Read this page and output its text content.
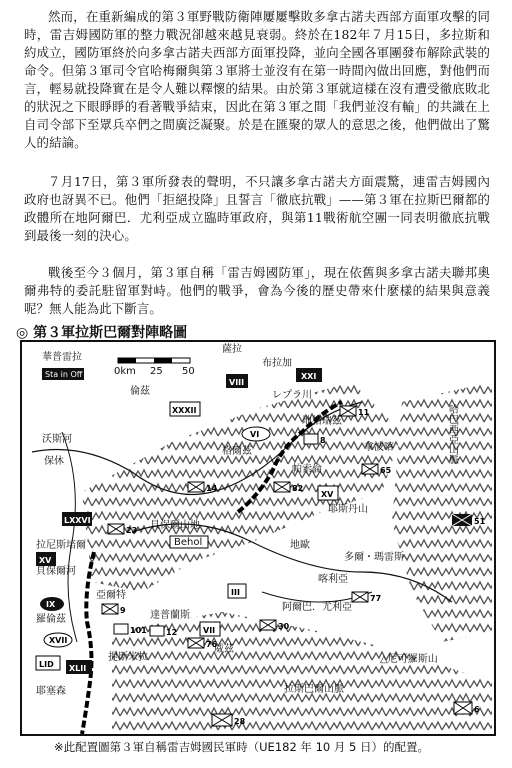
然而，在重新編成的第３軍野戰防衛陣屢屢擊敗多拿古諾夫西部方面軍攻擊的同時，雷吉姆國防軍的整力戰況卻越來越見衰弱。終於在182年７月15日，多拉斯和約成立，國防軍終於向多拿古諾夫西部方面軍投降，並向全國各軍團發布解除武裝的命令。但第３軍司令官哈梅爾與第３軍將士並沒有在第一時間內做出回應，對他們而言，輕易就投降實在是令人難以釋懷的結果。由於第３軍就這樣在沒有遭受徹底敗北的狀況之下眼睜睜的看著戰爭結束，因此在第３軍之間「我們並沒有輸」的共識在上自司令部下至眾兵卒們之間廣泛凝聚。於是在匯聚的眾人的意思之後，他們做出了驚人的結論。
７月17日，第３軍所發表的聲明，不只讓多拿古諾夫方面震驚，連雷吉姆國內政府也訝異不已。他們「拒絕投降」且誓言「徹底抗戰」——第３軍在拉斯巴爾都的政體所在地阿爾巴．尤利亞成立臨時軍政府，與第11戰術航空團一同表明徹底抗戰到最後一刻的決心。
戰後至今３個月，第３軍自稱「雷吉姆國防軍」，現在依舊與多拿古諾夫聯邦奧爾弗特的委託駐留軍對峙。他們的戰爭，會為今後的歷史帶來什麼樣的結果與意義呢？無人能為此下斷言。
◎ 第３軍拉斯巴爾對陣略圖
0km 25 50
華普雷拉
Sta in Off
倫茲
沃斯河
保休
薩拉
布拉加
レプラ川
地格瑞茲
格爾茲	拿波喀
帕索倫
耶斯丹山
哈巴西亞山脈
貝保爾山地
Behol	地歐
拉尼斯培爾
貝保爾河
多爾・瑪雷斯
喀利亞
亞爾特
羅倫茲	達普蘭斯
阿爾巴．尤利亞
威茲
提斯米拉	△尼可羅斯山
耶塞森	拉斯巴爾山脈
XXI
VIII
XXXII
VI
11
8
14
65
82
XV
LXXVI
23
51
XV
IX
XVII
III
9
101	VII
12
30
77
76
LID XLII
28
6
※此配置圖第３軍自稱雷吉姆國民軍時（UE182 年 10 月 5 日）的配置。
